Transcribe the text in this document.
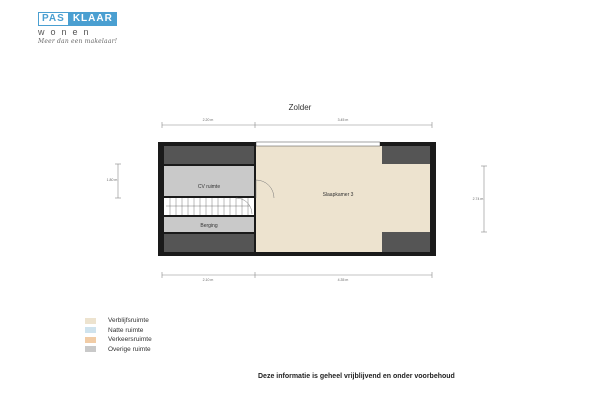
PAS KLAAR
wonen
Meer dan een makelaar!
Zolder
2.20 m	3.45 m
2.10 m	4.35 m
1.80 m
2.74 m
CV ruimte
Berging
Slaapkamer 3
Verblijfsruimte
Natte ruimte
Verkeersruimte
Overige ruimte
Deze informatie is geheel vrijblijvend en onder voorbehoud
